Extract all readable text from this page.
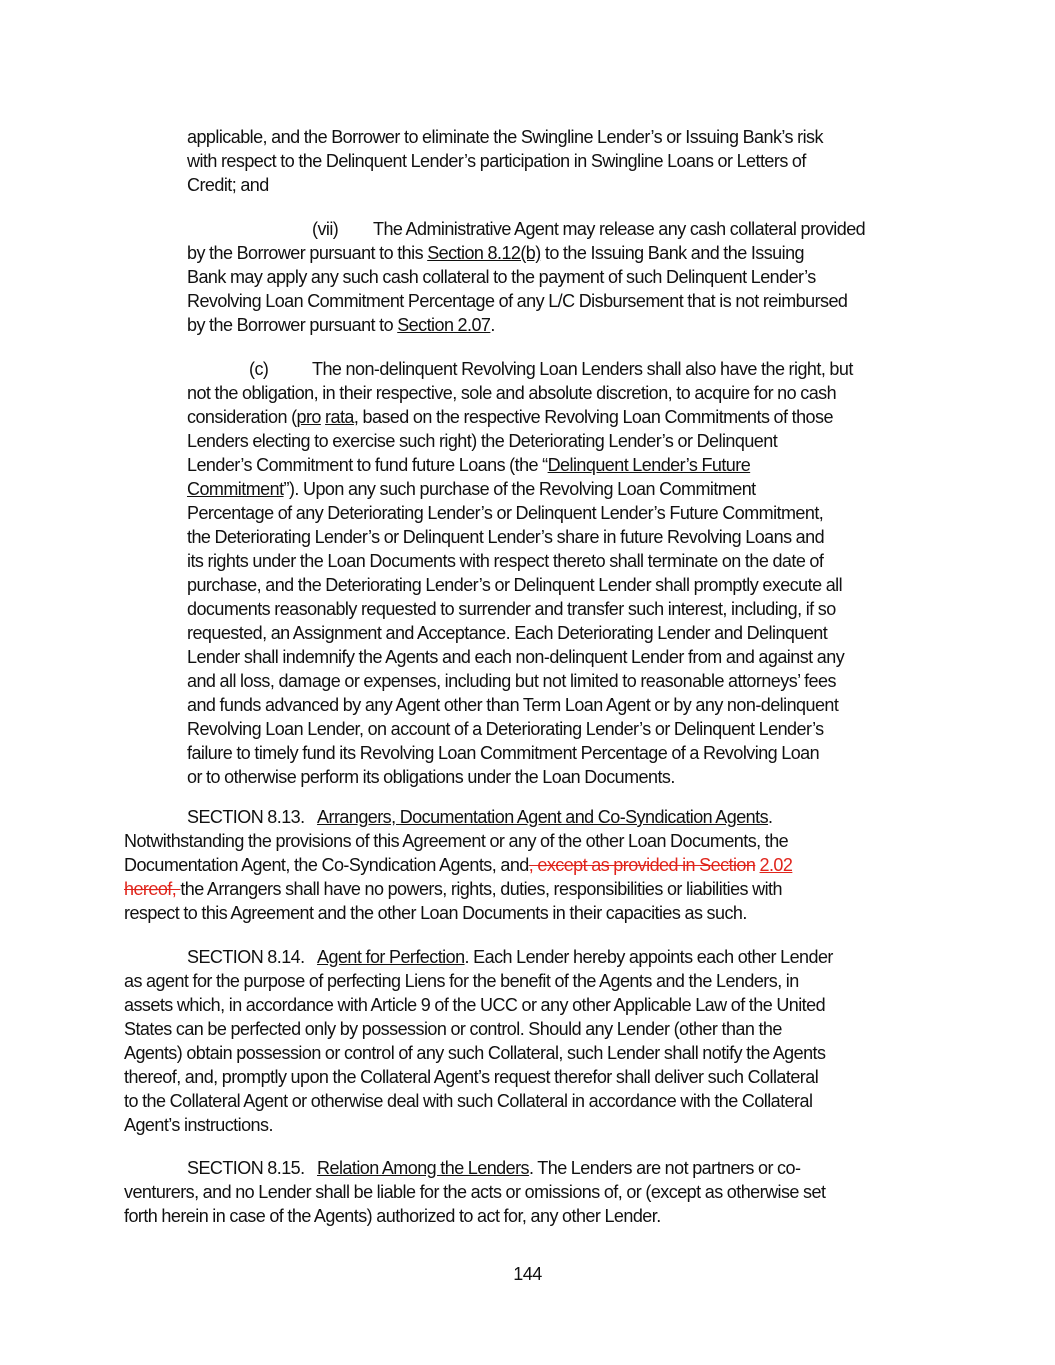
applicable, and the Borrower to eliminate the Swingline Lender’s or Issuing Bank’s risk
with respect to the Delinquent Lender’s participation in Swingline Loans or Letters of
Credit; and
(vii) The Administrative Agent may release any cash collateral provided

by the Borrower pursuant to this Section 8.12(b) to the Issuing Bank and the Issuing
Bank may apply any such cash collateral to the payment of such Delinquent Lender’s
Revolving Loan Commitment Percentage of any L/C Disbursement that is not reimbursed
by the Borrower pursuant to Section 2.07.
(c) The non-delinquent Revolving Loan Lenders shall also have the right, but

not the obligation, in their respective, sole and absolute discretion, to acquire for no cash
consideration (pro rata, based on the respective Revolving Loan Commitments of those
Lenders electing to exercise such right) the Deteriorating Lender’s or Delinquent
Lender’s Commitment to fund future Loans (the “Delinquent Lender’s Future
Commitment”). Upon any such purchase of the Revolving Loan Commitment
Percentage of any Deteriorating Lender’s or Delinquent Lender’s Future Commitment,
the Deteriorating Lender’s or Delinquent Lender’s share in future Revolving Loans and
its rights under the Loan Documents with respect thereto shall terminate on the date of
purchase, and the Deteriorating Lender’s or Delinquent Lender shall promptly execute all
documents reasonably requested to surrender and transfer such interest, including, if so
requested, an Assignment and Acceptance. Each Deteriorating Lender and Delinquent
Lender shall indemnify the Agents and each non-delinquent Lender from and against any
and all loss, damage or expenses, including but not limited to reasonable attorneys’ fees
and funds advanced by any Agent other than Term Loan Agent or by any non-delinquent
Revolving Loan Lender, on account of a Deteriorating Lender’s or Delinquent Lender’s
failure to timely fund its Revolving Loan Commitment Percentage of a Revolving Loan
or to otherwise perform its obligations under the Loan Documents.
SECTION 8.13. Arrangers, Documentation Agent and Co-Syndication Agents.
Notwithstanding the provisions of this Agreement or any of the other Loan Documents, the
Documentation Agent, the Co-Syndication Agents, and, except as provided in Section 2.02
hereof, the Arrangers shall have no powers, rights, duties, responsibilities or liabilities with
respect to this Agreement and the other Loan Documents in their capacities as such.
SECTION 8.14. Agent for Perfection. Each Lender hereby appoints each other Lender
as agent for the purpose of perfecting Liens for the benefit of the Agents and the Lenders, in
assets which, in accordance with Article 9 of the UCC or any other Applicable Law of the United
States can be perfected only by possession or control. Should any Lender (other than the
Agents) obtain possession or control of any such Collateral, such Lender shall notify the Agents
thereof, and, promptly upon the Collateral Agent’s request therefor shall deliver such Collateral
to the Collateral Agent or otherwise deal with such Collateral in accordance with the Collateral
Agent’s instructions.
SECTION 8.15. Relation Among the Lenders. The Lenders are not partners or co-
venturers, and no Lender shall be liable for the acts or omissions of, or (except as otherwise set
forth herein in case of the Agents) authorized to act for, any other Lender.
144
